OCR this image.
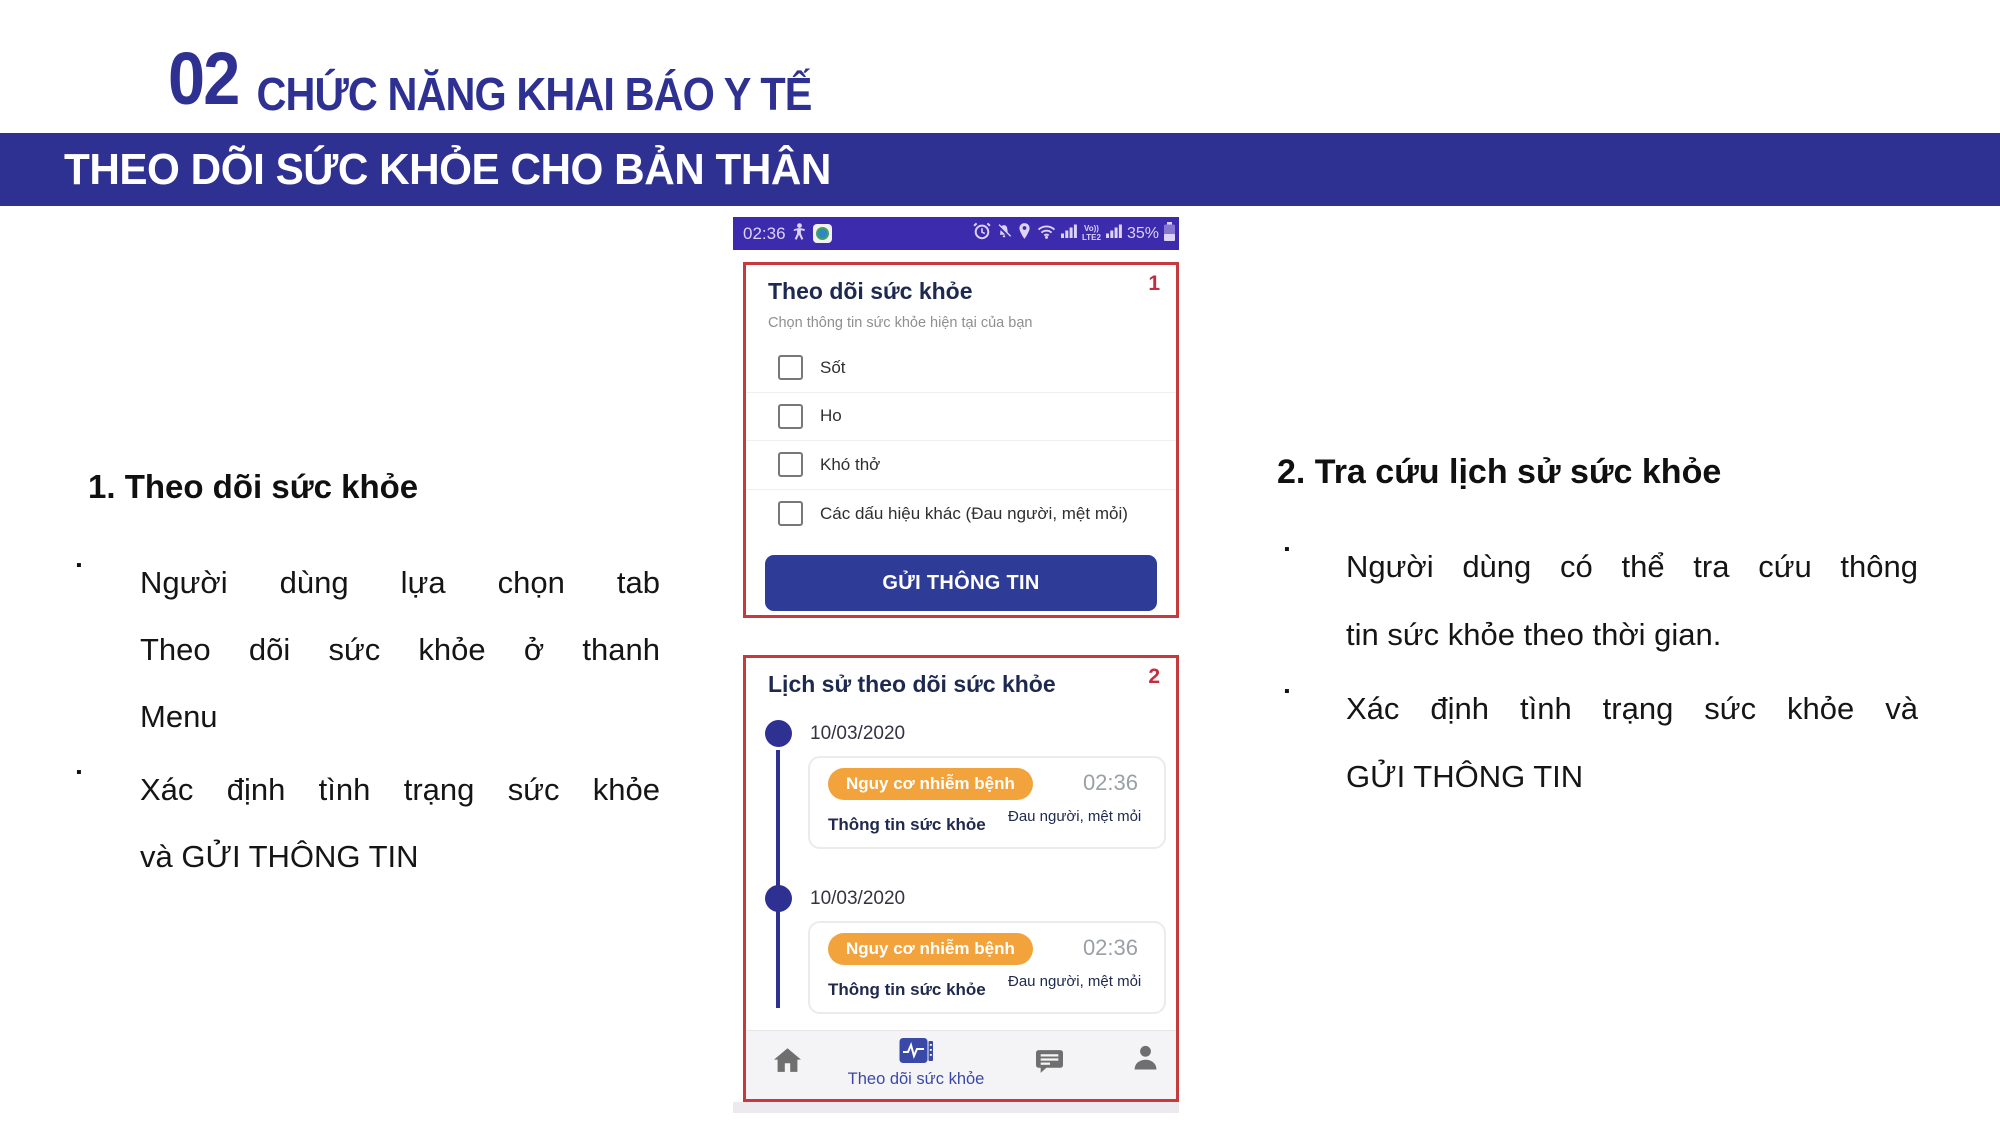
02 CHỨC NĂNG KHAI BÁO Y TẾ
THEO DÕI SỨC KHỎE CHO BẢN THÂN
1. Theo dõi sức khỏe
▪	Người dùng lựa chọn tab
Theo dõi sức khỏe ở thanh
Menu
▪	Xác định tình trạng sức khỏe
và GỬI THÔNG TIN
2. Tra cứu lịch sử sức khỏe
▪	Người dùng có thể tra cứu thông
tin sức khỏe theo thời gian.
▪	Xác định tình trạng sức khỏe và
GỬI THÔNG TIN
02:36	Vo))
LTE2 35%
1
Theo dõi sức khỏe
Chọn thông tin sức khỏe hiện tại của bạn
Sốt
Ho
Khó thở
Các dấu hiệu khác (Đau người, mệt mỏi)
GỬI THÔNG TIN
2
Lịch sử theo dõi sức khỏe
10/03/2020
Nguy cơ nhiễm bệnh	02:36
Thông tin sức khỏe Đau người, mệt mỏi
10/03/2020
Nguy cơ nhiễm bệnh	02:36
Thông tin sức khỏe Đau người, mệt mỏi
Theo dõi sức khỏe
